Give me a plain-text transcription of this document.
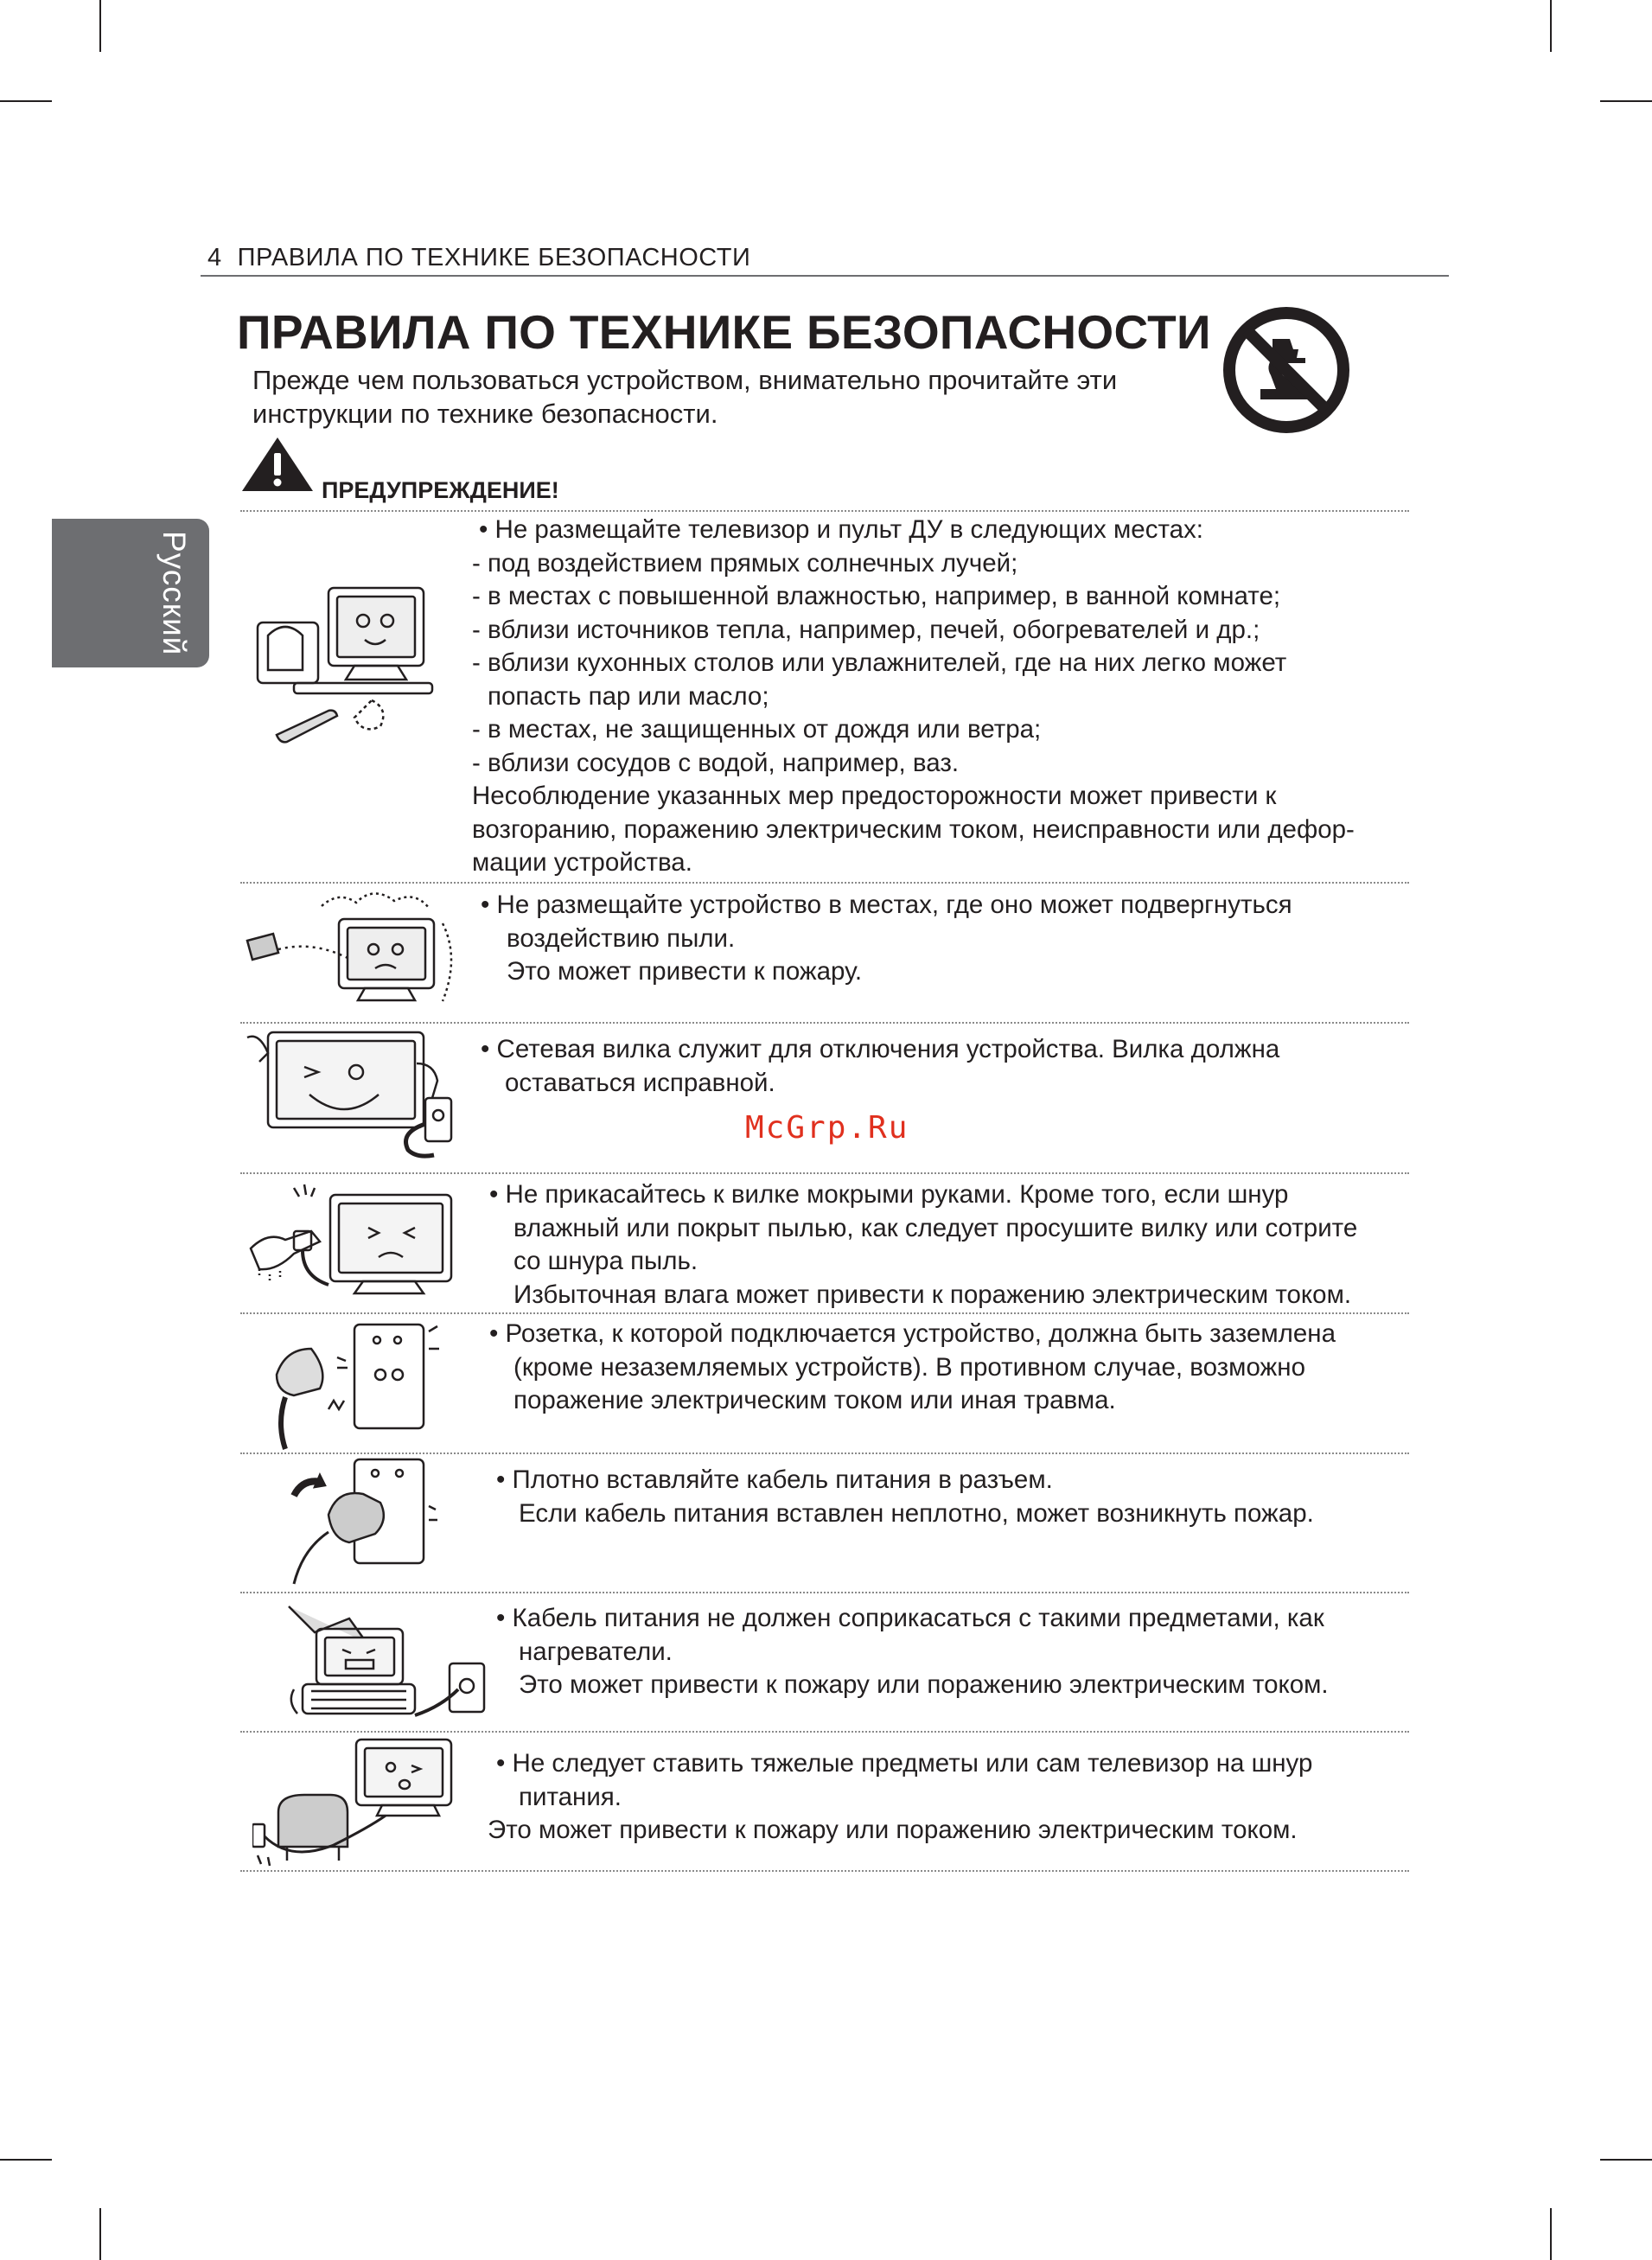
4 ПРАВИЛА ПО ТЕХНИКЕ БЕЗОПАСНОСТИ
Русский
ПРАВИЛА ПО ТЕХНИКЕ БЕЗОПАСНОСТИ
Прежде чем пользоваться устройством, внимательно прочитайте эти
инструкции по технике безопасности.
ПРЕДУПРЕЖДЕНИЕ!

• Не размещайте телевизор и пульт ДУ в следующих местах:

- под воздействием прямых солнечных лучей;

- в местах с повышенной влажностью, например, в ванной комнате;

- вблизи источников тепла, например, печей, обогревателей и др.;

- вблизи кухонных столов или увлажнителей, где на них легко может

попасть пар или масло;

- в местах, не защищенных от дождя или ветра;

- вблизи сосудов с водой, например, ваз.

Несоблюдение указанных мер предосторожности может привести к

возгоранию, поражению электрическим током, неисправности или дефор-

мации устройства.

• Не размещайте устройство в местах, где оно может подвергнуться

воздействию пыли.

Это может привести к пожару.

• Сетевая вилка служит для отключения устройства. Вилка должна

оставаться исправной.

McGrp.Ru

• Не прикасайтесь к вилке мокрыми руками. Кроме того, если шнур

влажный или покрыт пылью, как следует просушите вилку или сотрите

со шнура пыль.

Избыточная влага может привести к поражению электрическим током.

• Розетка, к которой подключается устройство, должна быть заземлена

(кроме незаземляемых устройств). В противном случае, возможно

поражение электрическим током или иная травма.

• Плотно вставляйте кабель питания в разъем.

Если кабель питания вставлен неплотно, может возникнуть пожар.

• Кабель питания не должен соприкасаться с такими предметами, как

нагреватели.

Это может привести к пожару или поражению электрическим током.

• Не следует ставить тяжелые предметы или сам телевизор на шнур

питания.

Это может привести к пожару или поражению электрическим током.
